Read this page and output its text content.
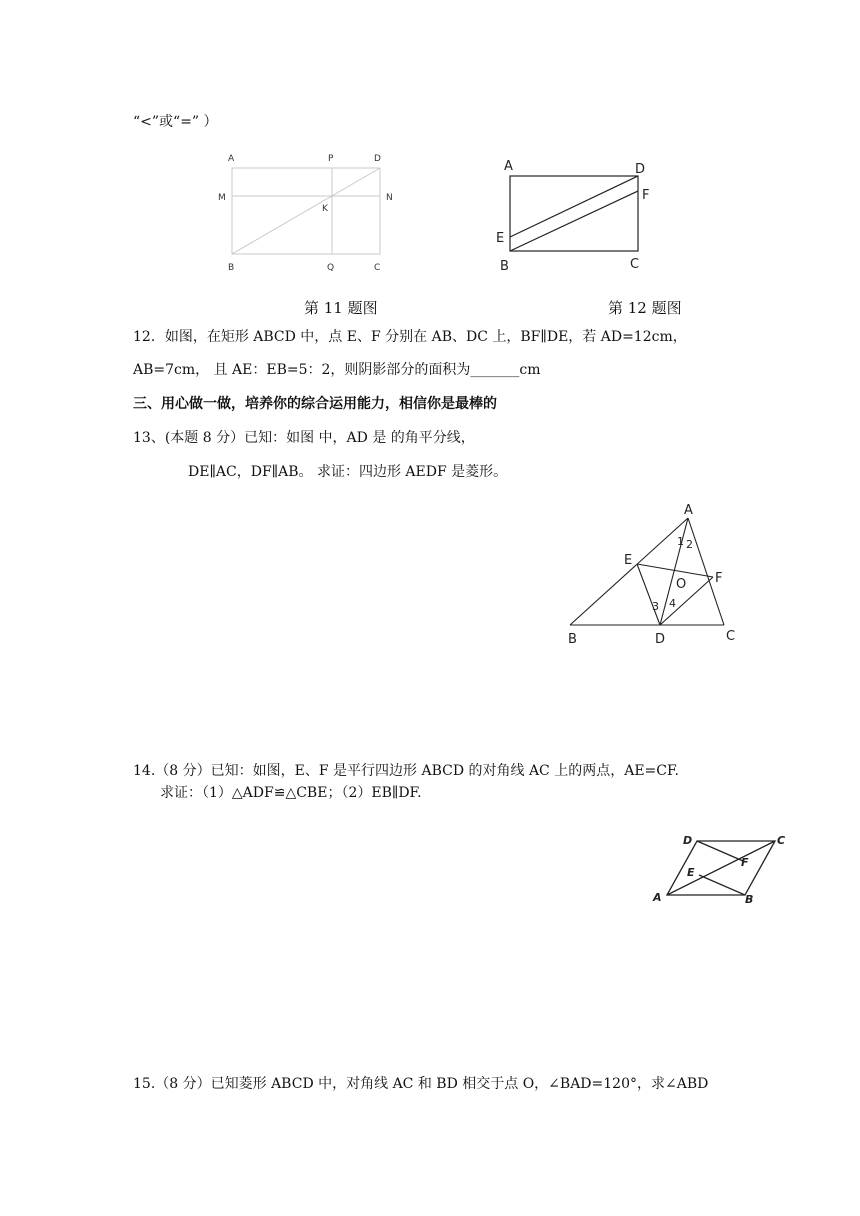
“<”或“=” ）
A	P	D
M	N
K
B	Q	C
A	D
F
E
B	C
第 11 题图	第 12 题图
12．如图，在矩形 ABCD 中，点 E、F 分别在 AB、DC 上，BF∥DE，若 AD=12cm，
AB=7cm， 且 AE：EB=5：2，则阴影部分的面积为_______cm
三、用心做一做，培养你的综合运用能力，相信你是最棒的
13、(本题 8 分）已知：如图 中，AD 是 的角平分线，
DE∥AC，DF∥AB。 求证：四边形 AEDF 是菱形。
A
E
F
O
B	D	C
1 2
3 4
14.（8 分）已知：如图，E、F 是平行四边形 ABCD 的对角线 AC 上的两点，AE=CF.
求证：（1）△ADF≌△CBE；（2）EB∥DF.
D	C
F
E
A	B
15.（8 分）已知菱形 ABCD 中，对角线 AC 和 BD 相交于点 O，∠BAD=120°，求∠ABD
